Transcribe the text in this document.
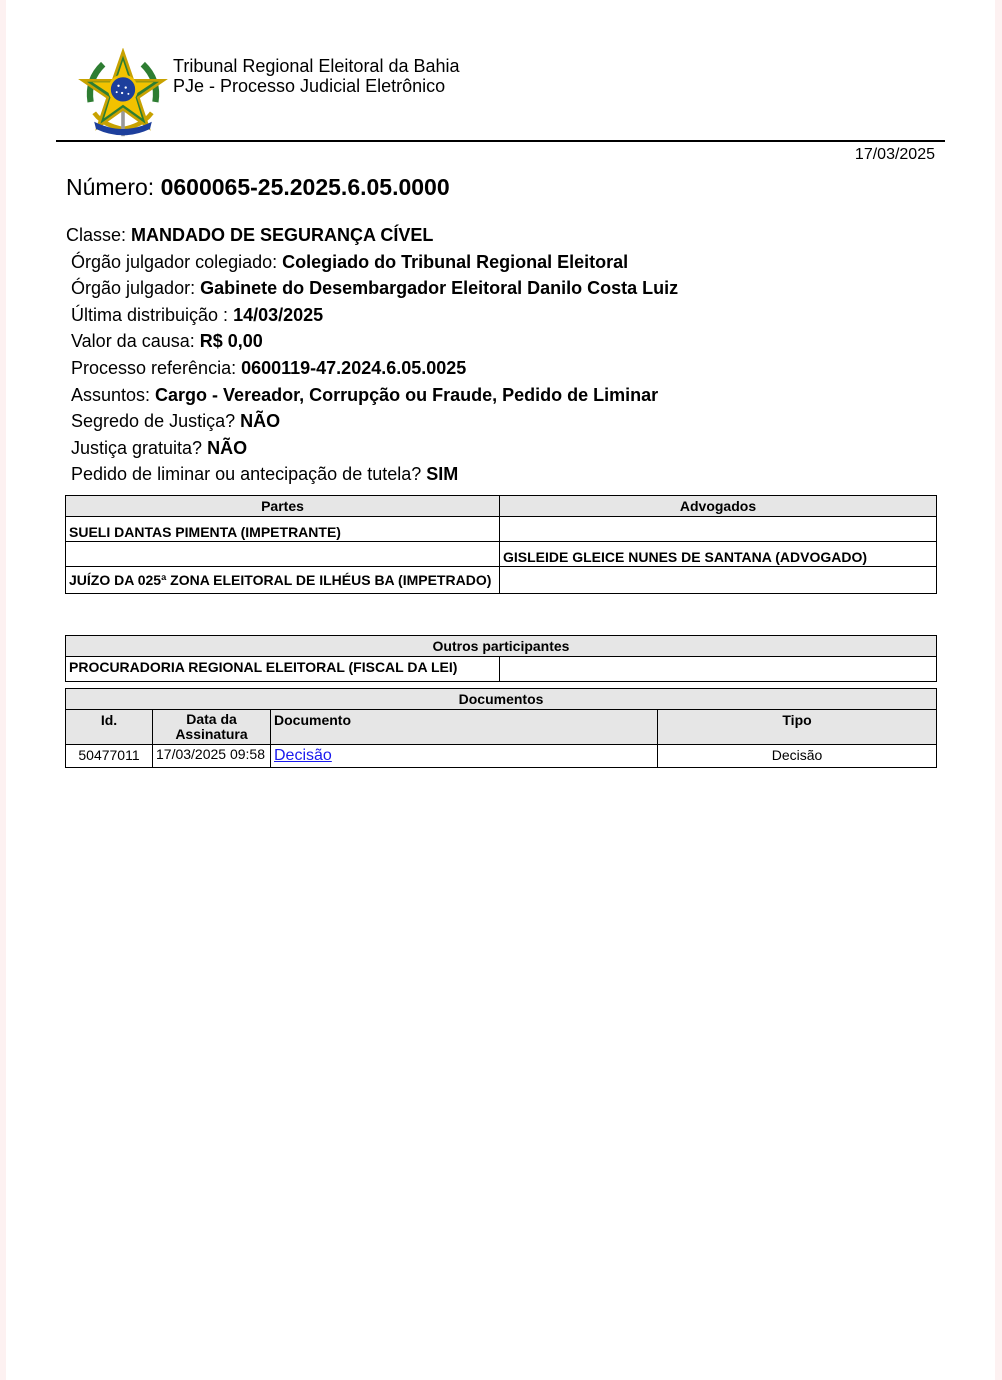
Tribunal Regional Eleitoral da Bahia
PJe - Processo Judicial Eletrônico
17/03/2025
Número: 0600065-25.2025.6.05.0000
Classe: MANDADO DE SEGURANÇA CÍVEL
Órgão julgador colegiado: Colegiado do Tribunal Regional Eleitoral
Órgão julgador: Gabinete do Desembargador Eleitoral Danilo Costa Luiz
Última distribuição : 14/03/2025
Valor da causa: R$ 0,00
Processo referência: 0600119-47.2024.6.05.0025
Assuntos: Cargo - Vereador, Corrupção ou Fraude, Pedido de Liminar
Segredo de Justiça? NÃO
Justiça gratuita? NÃO
Pedido de liminar ou antecipação de tutela? SIM
Partes	Advogados
SUELI DANTAS PIMENTA (IMPETRANTE)	
	GISLEIDE GLEICE NUNES DE SANTANA (ADVOGADO)
JUÍZO DA 025ª ZONA ELEITORAL DE ILHÉUS BA (IMPETRADO)	
Outros participantes
PROCURADORIA REGIONAL ELEITORAL (FISCAL DA LEI)	
Documentos			
Id.	Data da Assinatura	Documento	Tipo
50477011	17/03/2025 09:58	Decisão	Decisão
